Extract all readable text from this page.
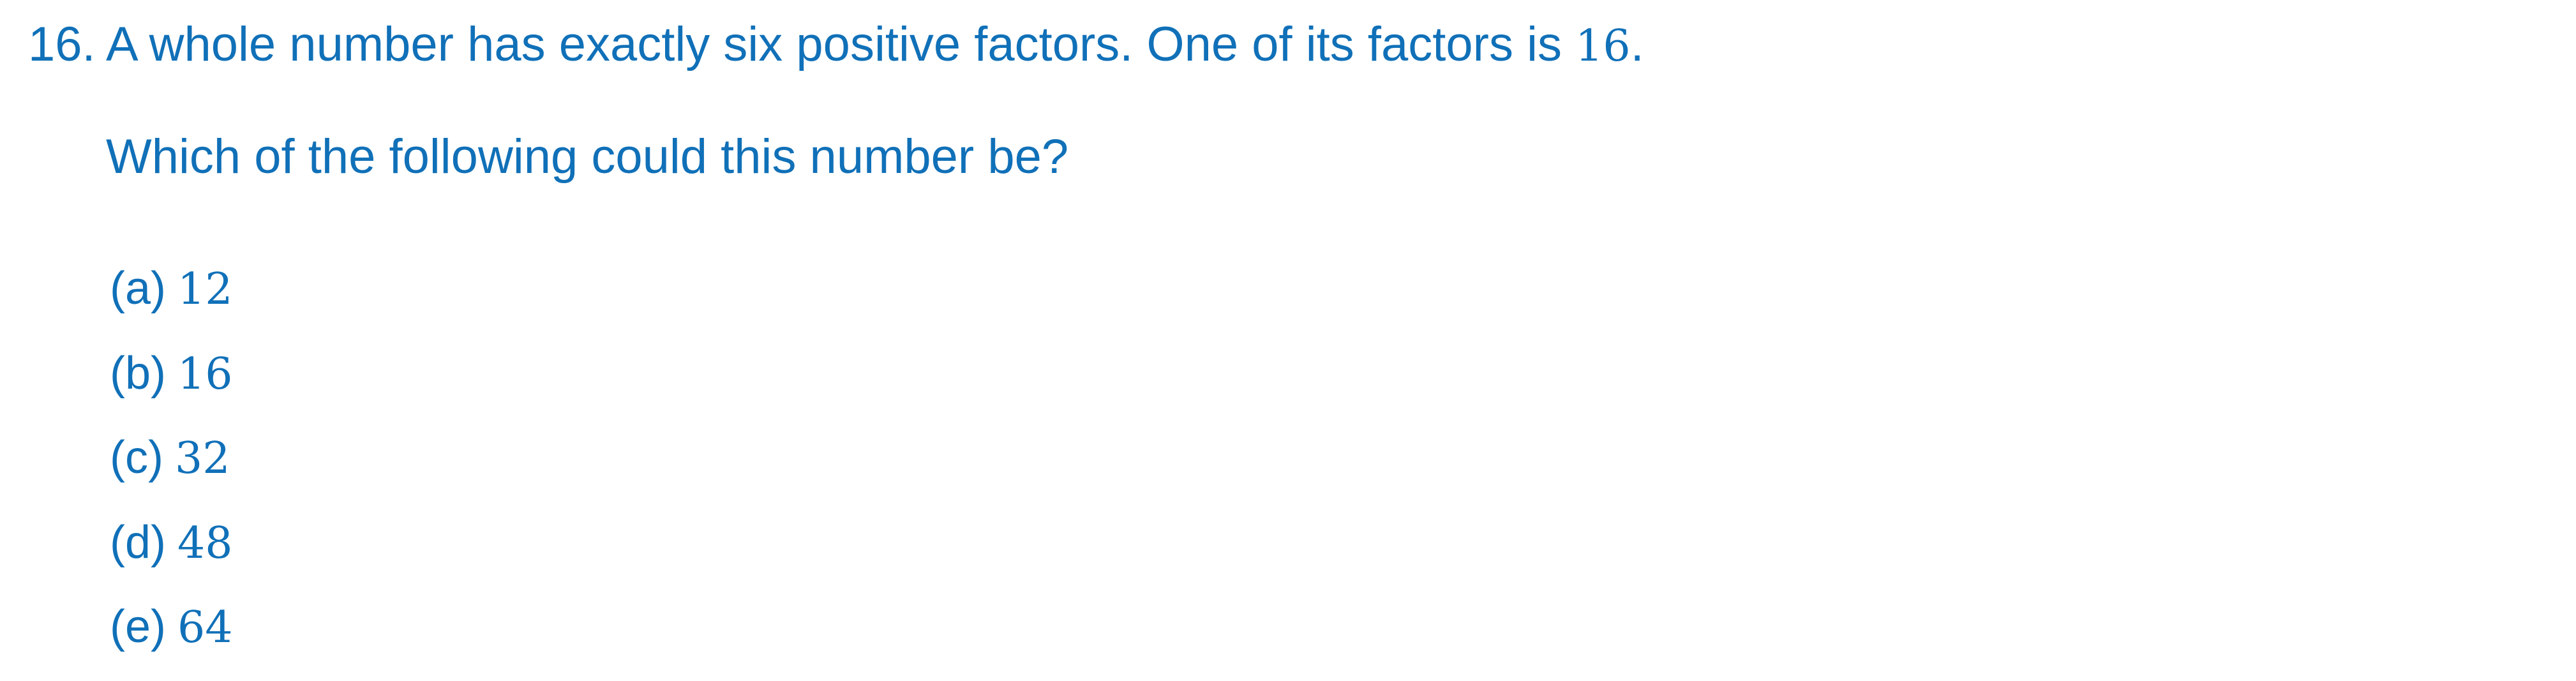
16. A whole number has exactly six positive factors. One of its factors is 16.
Which of the following could this number be?
(a) 12
(b) 16
(c) 32
(d) 48
(e) 64
